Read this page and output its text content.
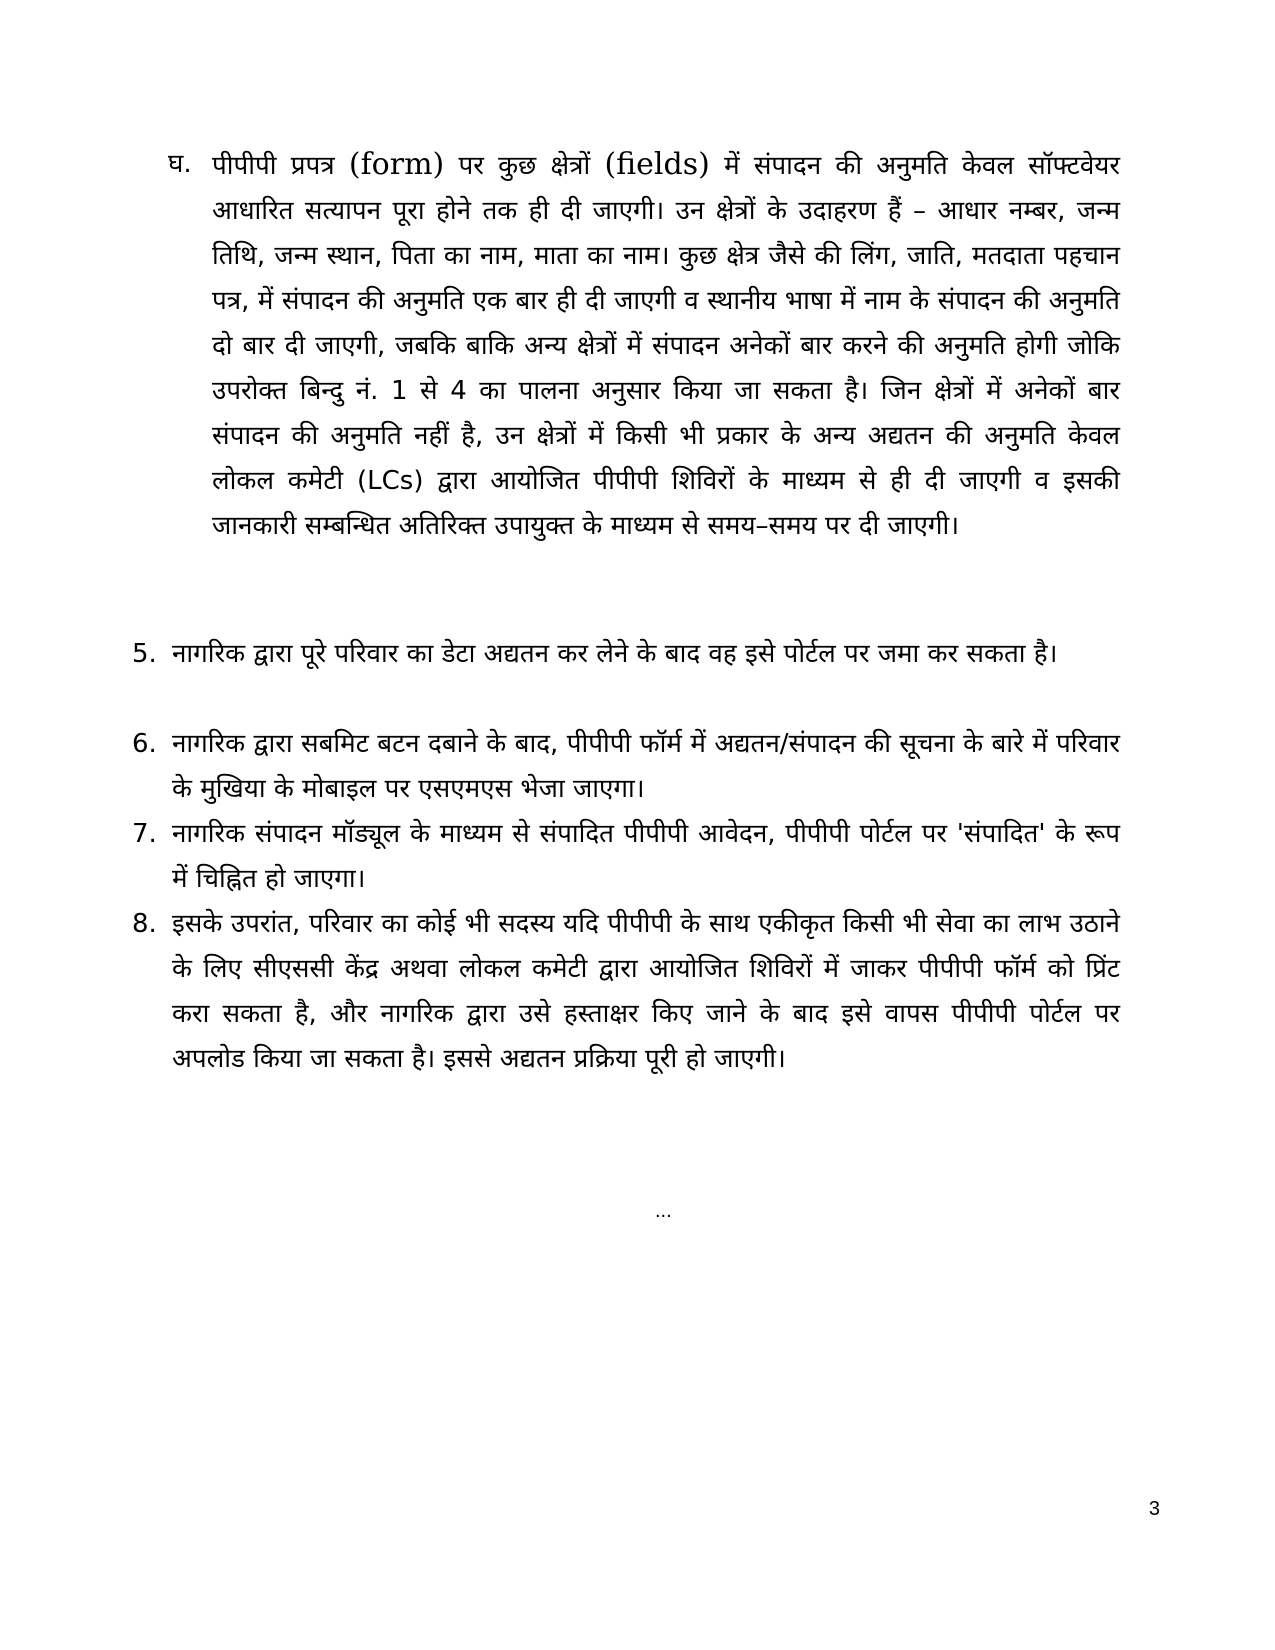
घ. पीपीपी प्रपत्र (form) पर कुछ क्षेत्रों (fields) में संपादन की अनुमति केवल सॉफ्टवेयर आधारित सत्यापन पूरा होने तक ही दी जाएगी। उन क्षेत्रों के उदाहरण हैं – आधार नम्बर, जन्म तिथि, जन्म स्थान, पिता का नाम, माता का नाम। कुछ क्षेत्र जैसे की लिंग, जाति, मतदाता पहचान पत्र, में संपादन की अनुमति एक बार ही दी जाएगी व स्थानीय भाषा में नाम के संपादन की अनुमति दो बार दी जाएगी, जबकि बाकि अन्य क्षेत्रों में संपादन अनेकों बार करने की अनुमति होगी जोकि उपरोक्त बिन्दु नं. 1 से 4 का पालना अनुसार किया जा सकता है। जिन क्षेत्रों में अनेकों बार संपादन की अनुमति नहीं है, उन क्षेत्रों में किसी भी प्रकार के अन्य अद्यतन की अनुमति केवल लोकल कमेटी (LCs) द्वारा आयोजित पीपीपी शिविरों के माध्यम से ही दी जाएगी व इसकी जानकारी सम्बन्धित अतिरिक्त उपायुक्त के माध्यम से समय–समय पर दी जाएगी।
5. नागरिक द्वारा पूरे परिवार का डेटा अद्यतन कर लेने के बाद वह इसे पोर्टल पर जमा कर सकता है।
6. नागरिक द्वारा सबमिट बटन दबाने के बाद, पीपीपी फॉर्म में अद्यतन/संपादन की सूचना के बारे में परिवार के मुखिया के मोबाइल पर एसएमएस भेजा जाएगा।
7. नागरिक संपादन मॉड्यूल के माध्यम से संपादित पीपीपी आवेदन, पीपीपी पोर्टल पर 'संपादित' के रूप में चिह्नित हो जाएगा।
8. इसके उपरांत, परिवार का कोई भी सदस्य यदि पीपीपी के साथ एकीकृत किसी भी सेवा का लाभ उठाने के लिए सीएससी केंद्र अथवा लोकल कमेटी द्वारा आयोजित शिविरों में जाकर पीपीपी फॉर्म को प्रिंट करा सकता है, और नागरिक द्वारा उसे हस्ताक्षर किए जाने के बाद इसे वापस पीपीपी पोर्टल पर अपलोड किया जा सकता है। इससे अद्यतन प्रक्रिया पूरी हो जाएगी।
...
3
